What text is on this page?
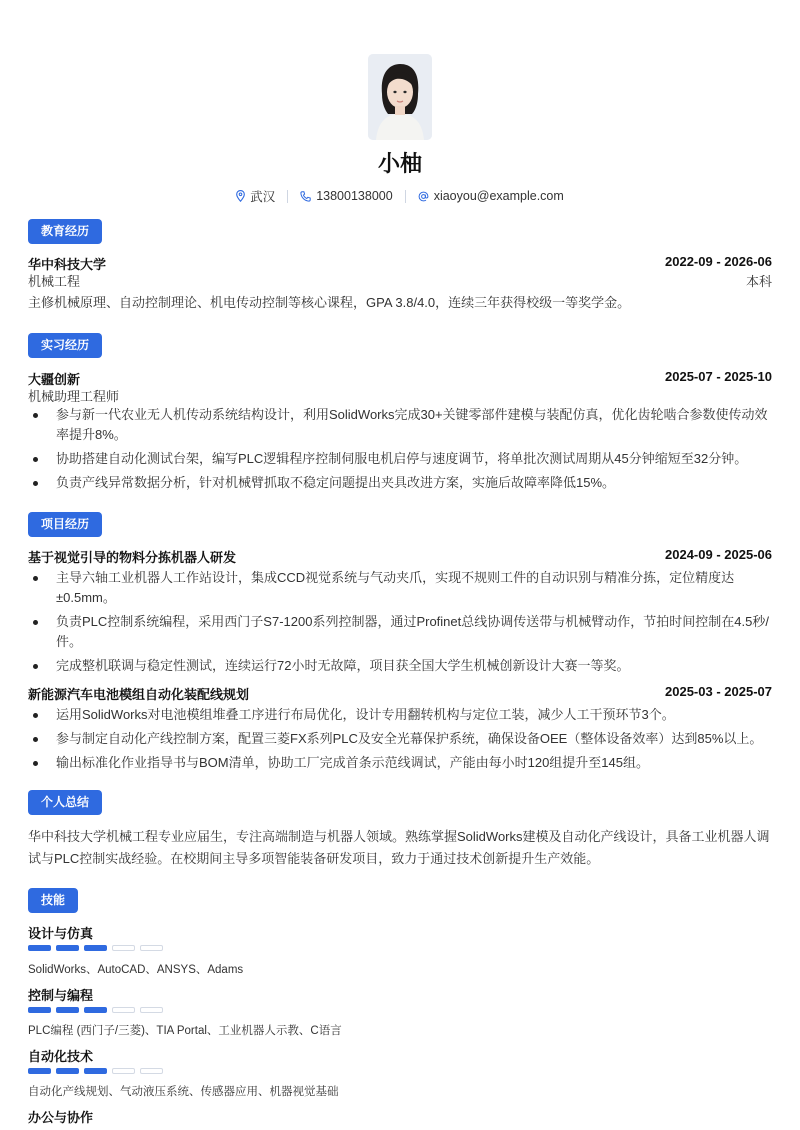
小柚
武汉	13800138000	xiaoyou@example.com
教育经历
华中科技大学	2022-09 - 2026-06
机械工程	本科
主修机械原理、自动控制理论、机电传动控制等核心课程，GPA 3.8/4.0，连续三年获得校级一等奖学金。
实习经历
大疆创新	2025-07 - 2025-10
机械助理工程师
参与新一代农业无人机传动系统结构设计，利用SolidWorks完成30+关键零部件建模与装配仿真，优化齿轮啮合参数使传动效率提升8%。
协助搭建自动化测试台架，编写PLC逻辑程序控制伺服电机启停与速度调节，将单批次测试周期从45分钟缩短至32分钟。
负责产线异常数据分析，针对机械臂抓取不稳定问题提出夹具改进方案，实施后故障率降低15%。
项目经历
基于视觉引导的物料分拣机器人研发	2024-09 - 2025-06
主导六轴工业机器人工作站设计，集成CCD视觉系统与气动夹爪，实现不规则工件的自动识别与精准分拣，定位精度达±0.5mm。
负责PLC控制系统编程，采用西门子S7-1200系列控制器，通过Profinet总线协调传送带与机械臂动作，节拍时间控制在4.5秒/件。
完成整机联调与稳定性测试，连续运行72小时无故障，项目获全国大学生机械创新设计大赛一等奖。
新能源汽车电池模组自动化装配线规划	2025-03 - 2025-07
运用SolidWorks对电池模组堆叠工序进行布局优化，设计专用翻转机构与定位工装，减少人工干预环节3个。
参与制定自动化产线控制方案，配置三菱FX系列PLC及安全光幕保护系统，确保设备OEE（整体设备效率）达到85%以上。
输出标准化作业指导书与BOM清单，协助工厂完成首条示范线调试，产能由每小时120组提升至145组。
个人总结
华中科技大学机械工程专业应届生，专注高端制造与机器人领域。熟练掌握SolidWorks建模及自动化产线设计，具备工业机器人调试与PLC控制实战经验。在校期间主导多项智能装备研发项目，致力于通过技术创新提升生产效能。
技能
设计与仿真
SolidWorks、AutoCAD、ANSYS、Adams
控制与编程
PLC编程 (西门子/三菱)、TIA Portal、工业机器人示教、C语言
自动化技术
自动化产线规划、气动液压系统、传感器应用、机器视觉基础
办公与协作
